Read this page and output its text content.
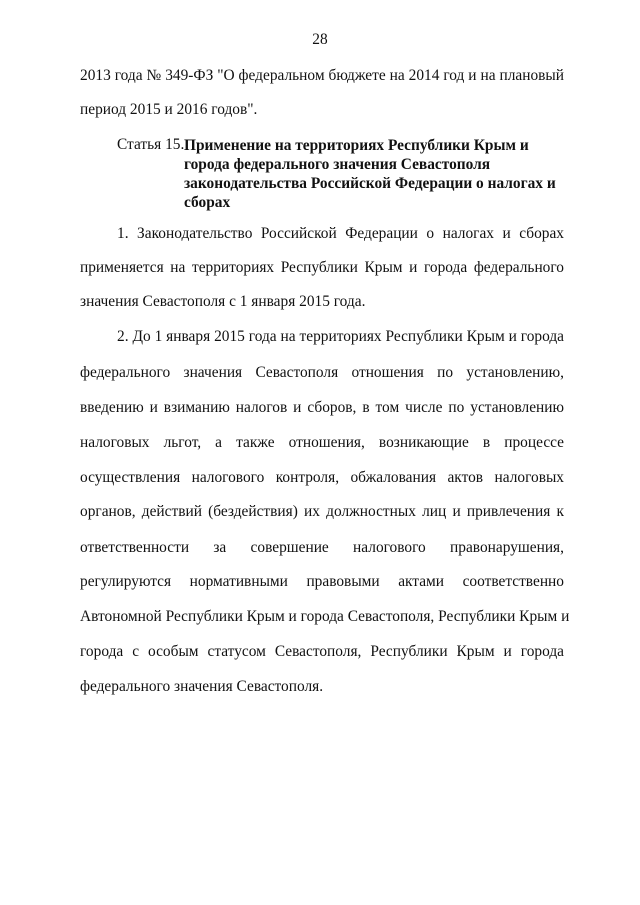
28
2013 года № 349-ФЗ "О федеральном бюджете на 2014 год и на плановый
период 2015 и 2016 годов".
Статья 15. Применение на территориях Республики Крым и
города федерального значения Севастополя
законодательства Российской Федерации о налогах и
сборах
1. Законодательство Российской Федерации о налогах и сборах
применяется на территориях Республики Крым и города федерального
значения Севастополя с 1 января 2015 года.
2. До 1 января 2015 года на территориях Республики Крым и города
федерального значения Севастополя отношения по установлению,
введению и взиманию налогов и сборов, в том числе по установлению
налоговых льгот, а также отношения, возникающие в процессе
осуществления налогового контроля, обжалования актов налоговых
органов, действий (бездействия) их должностных лиц и привлечения к
ответственности за совершение налогового правонарушения,
регулируются нормативными правовыми актами соответственно
Автономной Республики Крым и города Севастополя, Республики Крым и
города с особым статусом Севастополя, Республики Крым и города
федерального значения Севастополя.
